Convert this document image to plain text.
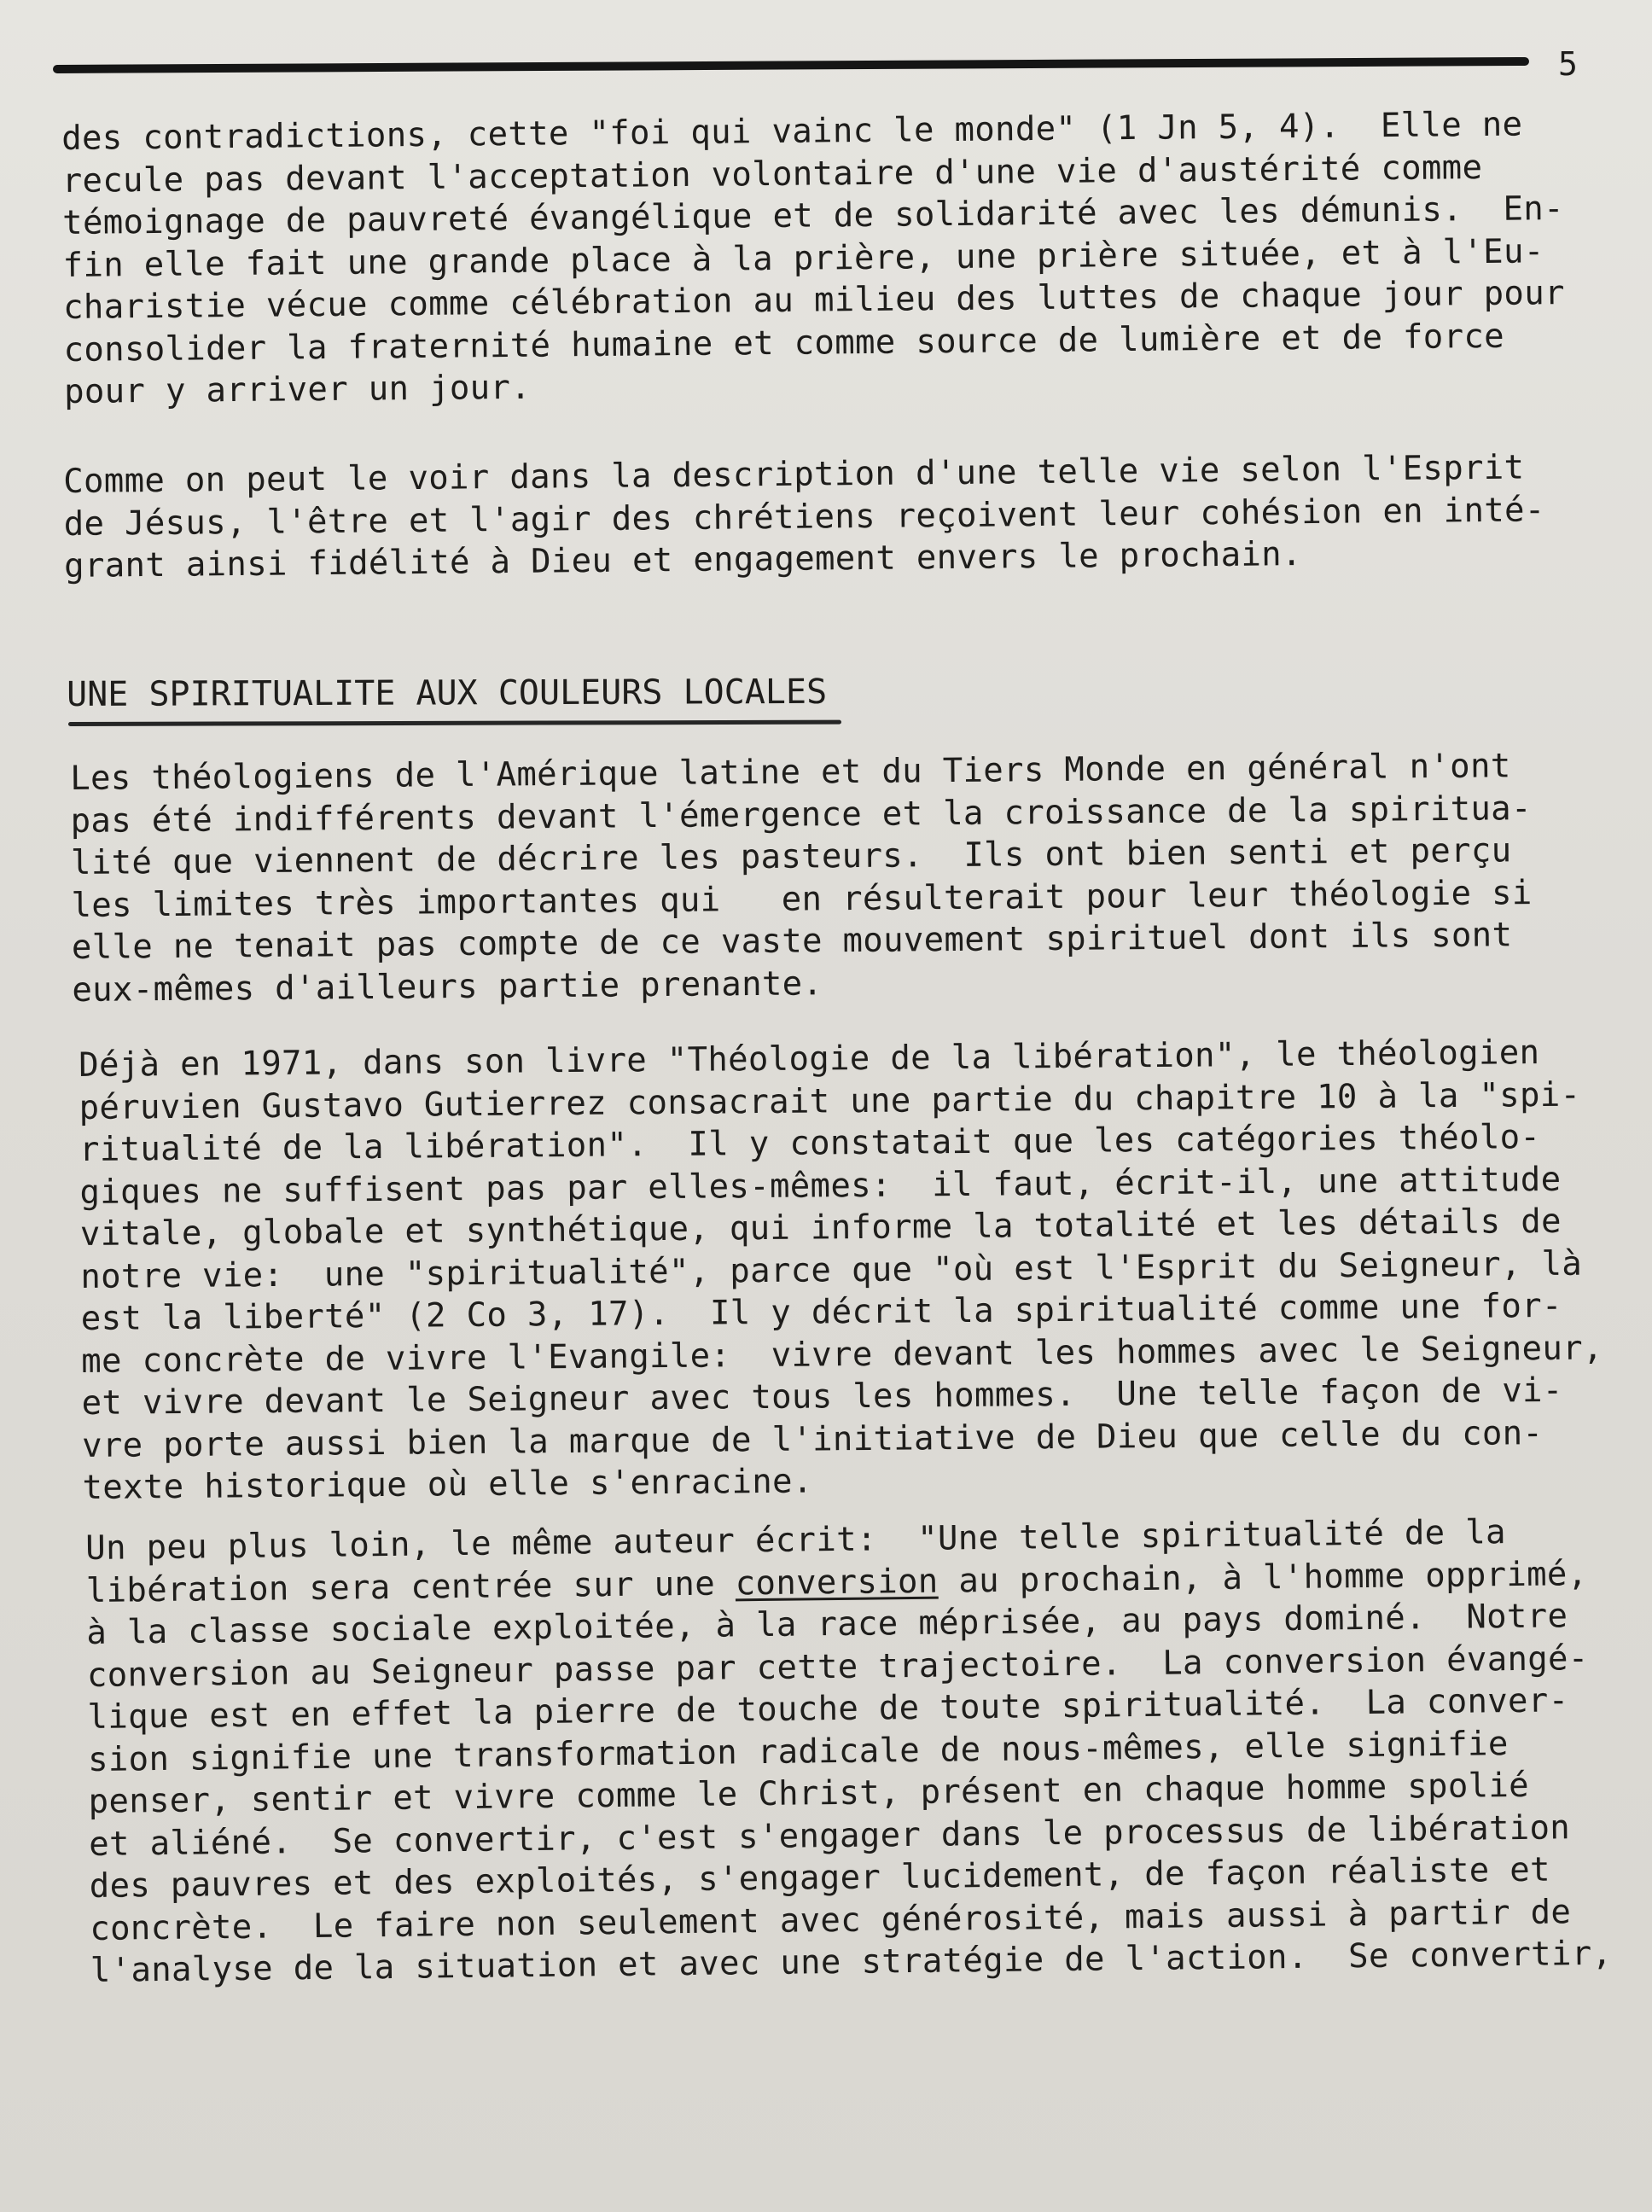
5

des contradictions, cette "foi qui vainc le monde" (1 Jn 5, 4).  Elle ne
recule pas devant l'acceptation volontaire d'une vie d'austérité comme
témoignage de pauvreté évangélique et de solidarité avec les démunis.  En-
fin elle fait une grande place à la prière, une prière située, et à l'Eu-
charistie vécue comme célébration au milieu des luttes de chaque jour pour
consolider la fraternité humaine et comme source de lumière et de force
pour y arriver un jour.

Comme on peut le voir dans la description d'une telle vie selon l'Esprit
de Jésus, l'être et l'agir des chrétiens reçoivent leur cohésion en inté-
grant ainsi fidélité à Dieu et engagement envers le prochain.

UNE SPIRITUALITE AUX COULEURS LOCALES

Les théologiens de l'Amérique latine et du Tiers Monde en général n'ont
pas été indifférents devant l'émergence et la croissance de la spiritua-
lité que viennent de décrire les pasteurs.  Ils ont bien senti et perçu
les limites très importantes qui   en résulterait pour leur théologie si
elle ne tenait pas compte de ce vaste mouvement spirituel dont ils sont
eux-mêmes d'ailleurs partie prenante.

Déjà en 1971, dans son livre "Théologie de la libération", le théologien
péruvien Gustavo Gutierrez consacrait une partie du chapitre 10 à la "spi-
ritualité de la libération".  Il y constatait que les catégories théolo-
giques ne suffisent pas par elles-mêmes:  il faut, écrit-il, une attitude
vitale, globale et synthétique, qui informe la totalité et les détails de
notre vie:  une "spiritualité", parce que "où est l'Esprit du Seigneur, là
est la liberté" (2 Co 3, 17).  Il y décrit la spiritualité comme une for-
me concrète de vivre l'Evangile:  vivre devant les hommes avec le Seigneur,
et vivre devant le Seigneur avec tous les hommes.  Une telle façon de vi-
vre porte aussi bien la marque de l'initiative de Dieu que celle du con-
texte historique où elle s'enracine.

Un peu plus loin, le même auteur écrit:  "Une telle spiritualité de la
libération sera centrée sur une conversion au prochain, à l'homme opprimé,
à la classe sociale exploitée, à la race méprisée, au pays dominé.  Notre
conversion au Seigneur passe par cette trajectoire.  La conversion évangé-
lique est en effet la pierre de touche de toute spiritualité.  La conver-
sion signifie une transformation radicale de nous-mêmes, elle signifie
penser, sentir et vivre comme le Christ, présent en chaque homme spolié
et aliéné.  Se convertir, c'est s'engager dans le processus de libération
des pauvres et des exploités, s'engager lucidement, de façon réaliste et
concrète.  Le faire non seulement avec générosité, mais aussi à partir de
l'analyse de la situation et avec une stratégie de l'action.  Se convertir,
